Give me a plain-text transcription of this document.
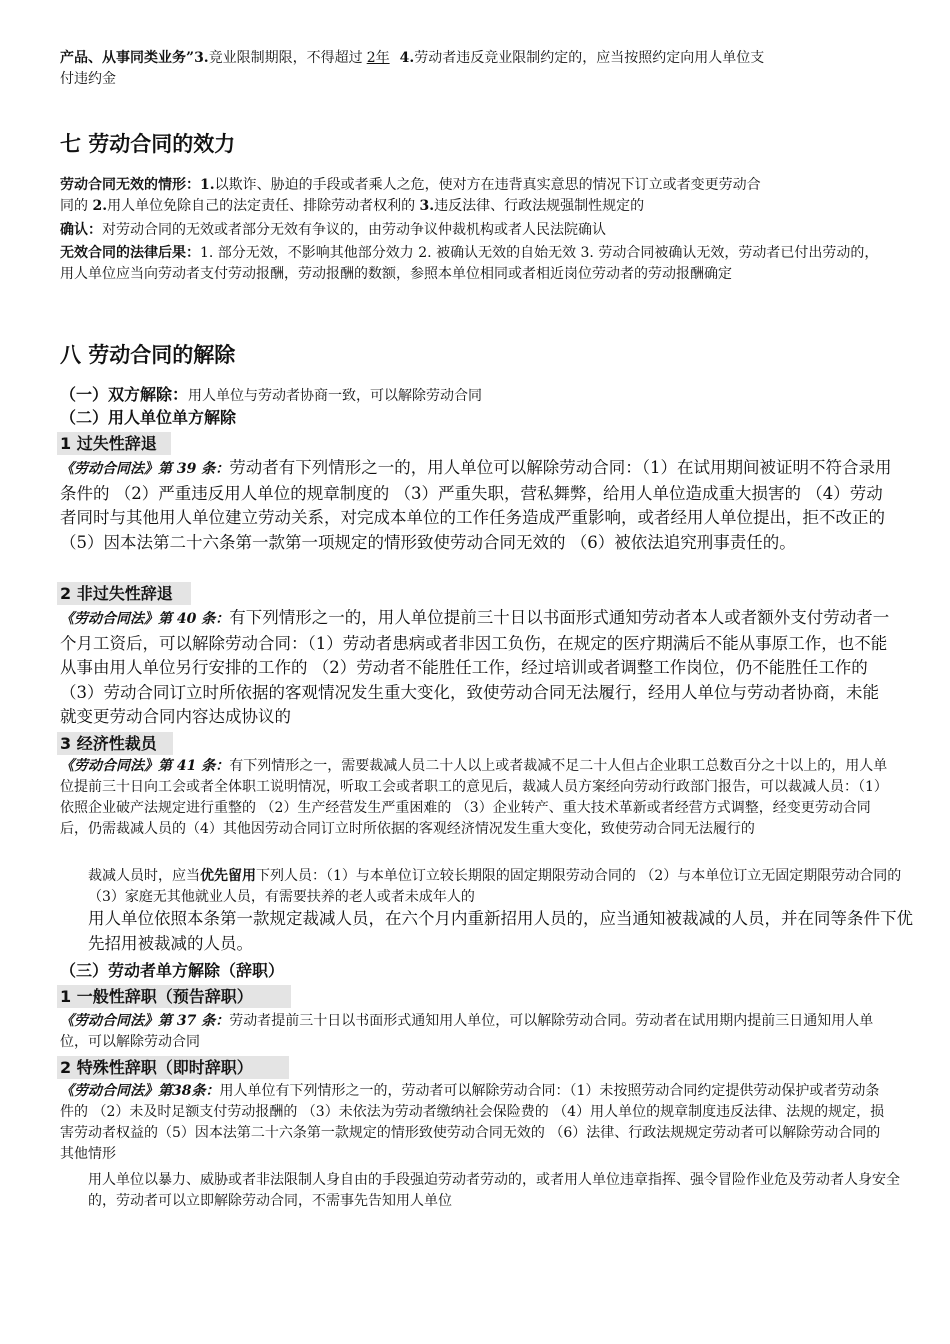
产品、从事同类业务”3.竞业限制期限，不得超过 2年 4.劳动者违反竞业限制约定的，应当按照约定向用人单位支
付违约金

七 劳动合同的效力

劳动合同无效的情形：1.以欺诈、胁迫的手段或者乘人之危，使对方在违背真实意思的情况下订立或者变更劳动合
同的 2.用人单位免除自己的法定责任、排除劳动者权利的 3.违反法律、行政法规强制性规定的

确认：对劳动合同的无效或者部分无效有争议的，由劳动争议仲裁机构或者人民法院确认

无效合同的法律后果：1. 部分无效，不影响其他部分效力 2. 被确认无效的自始无效 3. 劳动合同被确认无效，劳动者已付出劳动的，用人单位应当向劳动者支付劳动报酬，劳动报酬的数额，参照本单位相同或者相近岗位劳动者的劳动报酬确定

八 劳动合同的解除
（一）双方解除：用人单位与劳动者协商一致，可以解除劳动合同
（二）用人单位单方解除
1 过失性辞退

《劳动合同法》第 39 条：劳动者有下列情形之一的，用人单位可以解除劳动合同：（1）在试用期间被证明不符合录用条件的 （2）严重违反用人单位的规章制度的 （3）严重失职，营私舞弊，给用人单位造成重大损害的 （4）劳动者同时与其他用人单位建立劳动关系，对完成本单位的工作任务造成严重影响，或者经用人单位提出，拒不改正的 （5）因本法第二十六条第一款第一项规定的情形致使劳动合同无效的 （6）被依法追究刑事责任的。

2 非过失性辞退

《劳动合同法》第 40 条：有下列情形之一的，用人单位提前三十日以书面形式通知劳动者本人或者额外支付劳动者一个月工资后，可以解除劳动合同：（1）劳动者患病或者非因工负伤，在规定的医疗期满后不能从事原工作，也不能从事由用人单位另行安排的工作的 （2）劳动者不能胜任工作，经过培训或者调整工作岗位，仍不能胜任工作的 （3）劳动合同订立时所依据的客观情况发生重大变化，致使劳动合同无法履行，经用人单位与劳动者协商，未能就变更劳动合同内容达成协议的

3 经济性裁员

《劳动合同法》第 41 条：有下列情形之一，需要裁减人员二十人以上或者裁减不足二十人但占企业职工总数百分之十以上的，用人单位提前三十日向工会或者全体职工说明情况，听取工会或者职工的意见后，裁减人员方案经向劳动行政部门报告，可以裁减人员：（1）依照企业破产法规定进行重整的 （2）生产经营发生严重困难的 （3）企业转产、重大技术革新或者经营方式调整，经变更劳动合同后，仍需裁减人员的（4）其他因劳动合同订立时所依据的客观经济情况发生重大变化，致使劳动合同无法履行的

裁减人员时，应当优先留用下列人员：（1）与本单位订立较长期限的固定期限劳动合同的 （2）与本单位订立无固定期限劳动合同的 （3）家庭无其他就业人员，有需要扶养的老人或者未成年人的

用人单位依照本条第一款规定裁减人员，在六个月内重新招用人员的，应当通知被裁减的人员，并在同等条件下优先招用被裁减的人员。

（三）劳动者单方解除（辞职）
1 一般性辞职（预告辞职）

《劳动合同法》第 37 条：劳动者提前三十日以书面形式通知用人单位，可以解除劳动合同。劳动者在试用期内提前三日通知用人单位，可以解除劳动合同

2 特殊性辞职（即时辞职）

《劳动合同法》第38条：用人单位有下列情形之一的，劳动者可以解除劳动合同：（1）未按照劳动合同约定提供劳动保护或者劳动条件的 （2）未及时足额支付劳动报酬的 （3）未依法为劳动者缴纳社会保险费的 （4）用人单位的规章制度违反法律、法规的规定，损害劳动者权益的（5）因本法第二十六条第一款规定的情形致使劳动合同无效的 （6）法律、行政法规规定劳动者可以解除劳动合同的其他情形

用人单位以暴力、威胁或者非法限制人身自由的手段强迫劳动者劳动的，或者用人单位违章指挥、强令冒险作业危及劳动者人身安全的，劳动者可以立即解除劳动合同，不需事先告知用人单位
